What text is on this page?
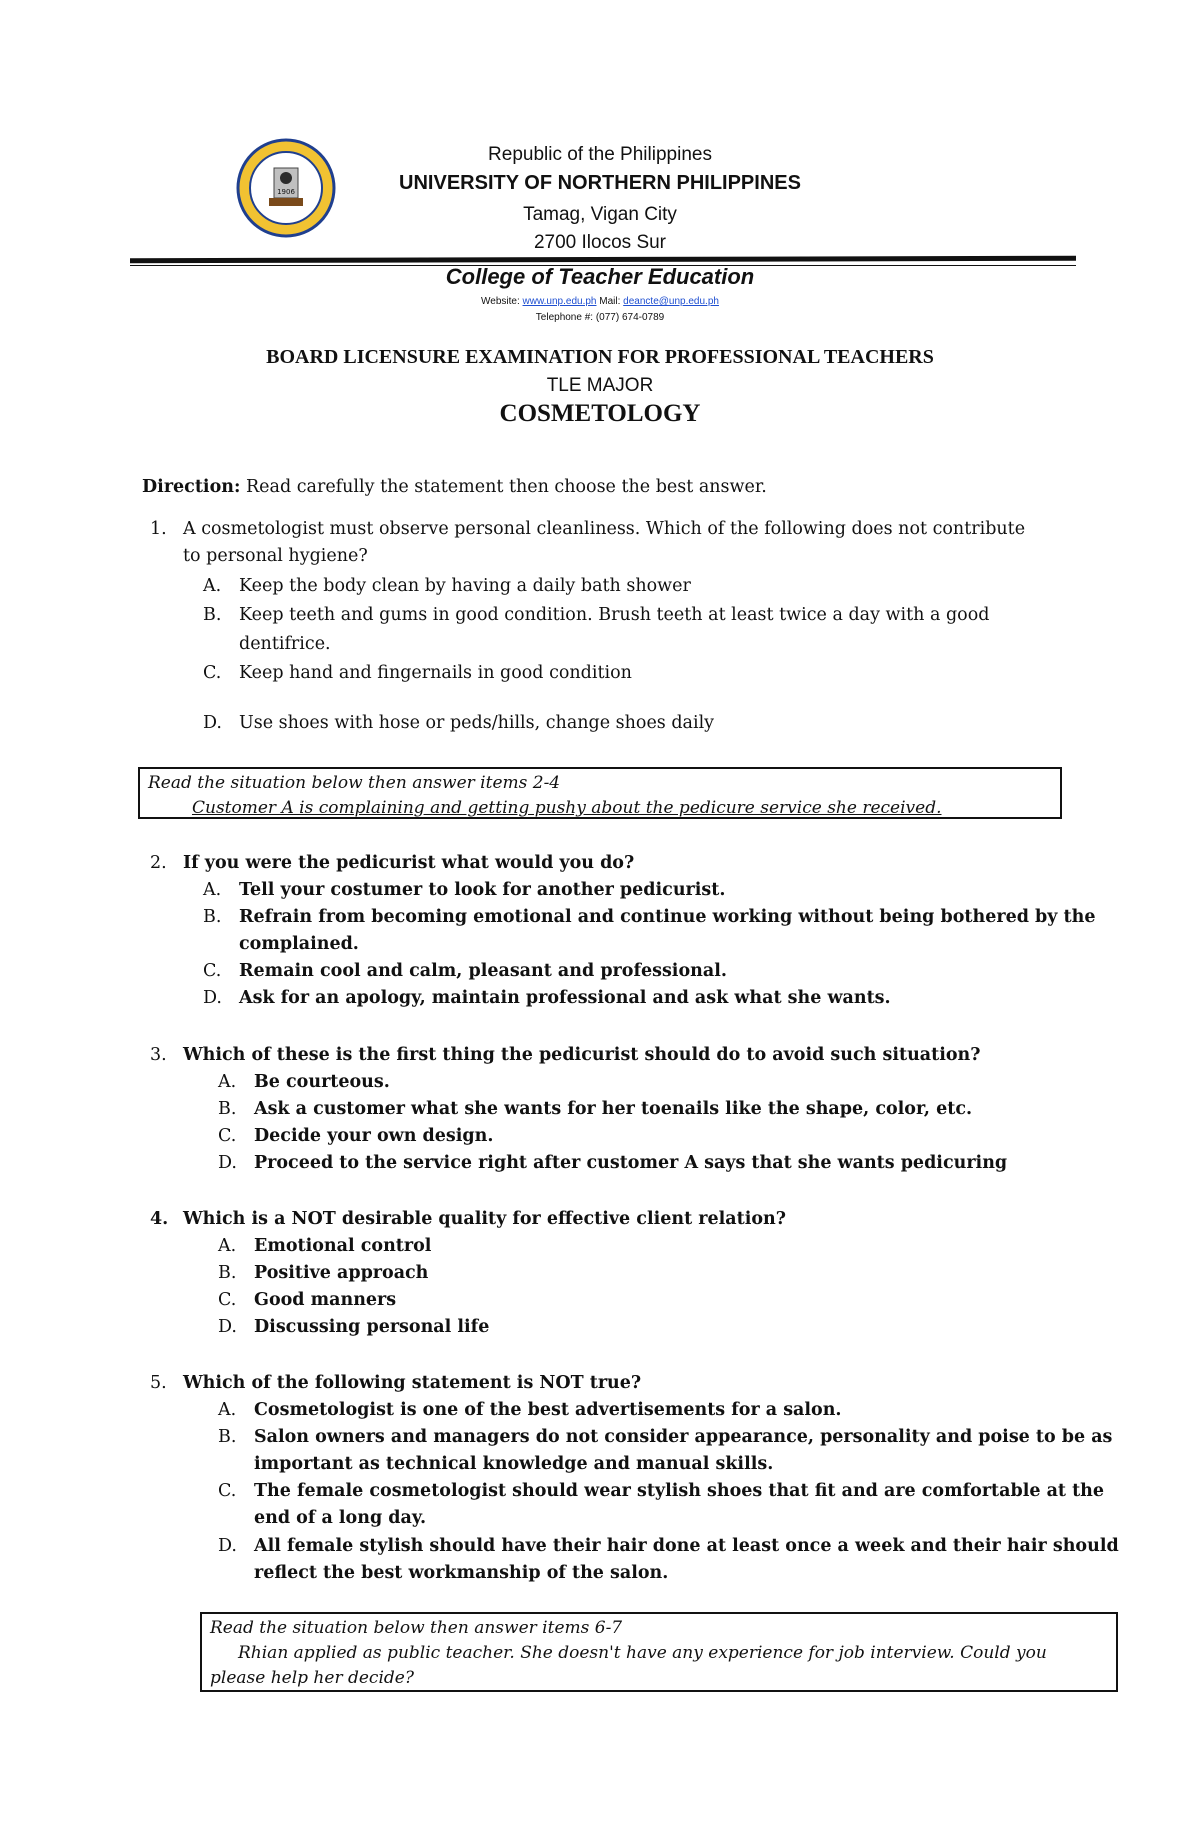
1906
Republic of the Philippines
UNIVERSITY OF NORTHERN PHILIPPINES
Tamag, Vigan City
2700 Ilocos Sur
College of Teacher Education
Website: www.unp.edu.ph Mail: deancte@unp.edu.ph
Telephone #: (077) 674-0789
BOARD LICENSURE EXAMINATION FOR PROFESSIONAL TEACHERS
TLE MAJOR
COSMETOLOGY
Direction: Read carefully the statement then choose the best answer.
1. A cosmetologist must observe personal cleanliness. Which of the following does not contribute
to personal hygiene?
A. Keep the body clean by having a daily bath shower
B. Keep teeth and gums in good condition. Brush teeth at least twice a day with a good
dentifrice.
C. Keep hand and fingernails in good condition
D. Use shoes with hose or peds/hills, change shoes daily
Read the situation below then answer items 2-4
Customer A is complaining and getting pushy about the pedicure service she received.
2. If you were the pedicurist what would you do?
A. Tell your costumer to look for another pedicurist.
B. Refrain from becoming emotional and continue working without being bothered by the
complained.
C. Remain cool and calm, pleasant and professional.
D. Ask for an apology, maintain professional and ask what she wants.
3. Which of these is the first thing the pedicurist should do to avoid such situation?
A. Be courteous.
B. Ask a customer what she wants for her toenails like the shape, color, etc.
C. Decide your own design.
D. Proceed to the service right after customer A says that she wants pedicuring
4. Which is a NOT desirable quality for effective client relation?
A. Emotional control
B. Positive approach
C. Good manners
D. Discussing personal life
5. Which of the following statement is NOT true?
A. Cosmetologist is one of the best advertisements for a salon.
B. Salon owners and managers do not consider appearance, personality and poise to be as
important as technical knowledge and manual skills.
C. The female cosmetologist should wear stylish shoes that fit and are comfortable at the
end of a long day.
D. All female stylish should have their hair done at least once a week and their hair should
reflect the best workmanship of the salon.
Read the situation below then answer items 6-7
Rhian applied as public teacher. She doesn't have any experience for job interview. Could you
please help her decide?
